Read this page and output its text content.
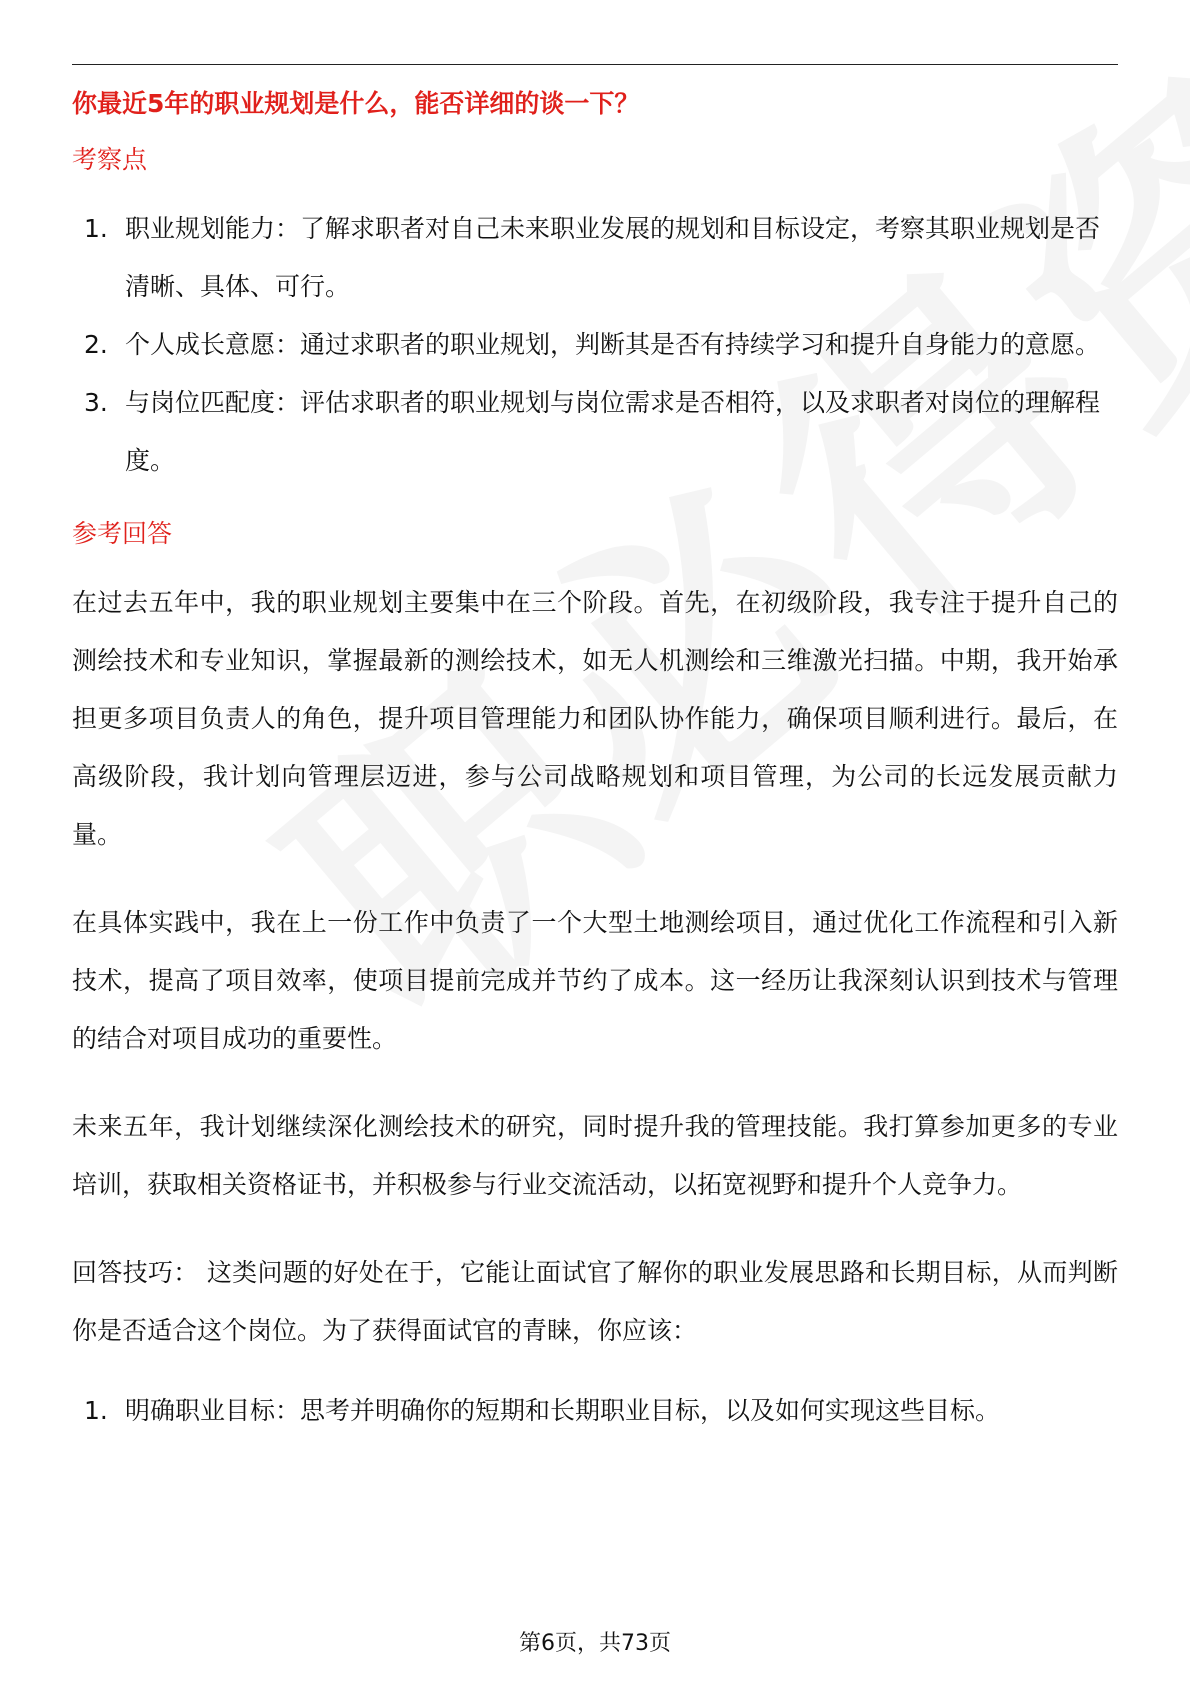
你最近5年的职业规划是什么，能否详细的谈一下？
考察点
1. 职业规划能力：了解求职者对自己未来职业发展的规划和目标设定，考察其职业规划是否清晰、具体、可行。
2. 个人成长意愿：通过求职者的职业规划，判断其是否有持续学习和提升自身能力的意愿。
3. 与岗位匹配度：评估求职者的职业规划与岗位需求是否相符，以及求职者对岗位的理解程度。
参考回答

在过去五年中，我的职业规划主要集中在三个阶段。首先，在初级阶段，我专注于提升自己的测绘技术和专业知识，掌握最新的测绘技术，如无人机测绘和三维激光扫描。中期，我开始承担更多项目负责人的角色，提升项目管理能力和团队协作能力，确保项目顺利进行。最后，在高级阶段，我计划向管理层迈进，参与公司战略规划和项目管理，为公司的长远发展贡献力量。

在具体实践中，我在上一份工作中负责了一个大型土地测绘项目，通过优化工作流程和引入新技术，提高了项目效率，使项目提前完成并节约了成本。这一经历让我深刻认识到技术与管理的结合对项目成功的重要性。

未来五年，我计划继续深化测绘技术的研究，同时提升我的管理技能。我打算参加更多的专业培训，获取相关资格证书，并积极参与行业交流活动，以拓宽视野和提升个人竞争力。

回答技巧： 这类问题的好处在于，它能让面试官了解你的职业发展思路和长期目标，从而判断你是否适合这个岗位。为了获得面试官的青睐，你应该：

1. 明确职业目标：思考并明确你的短期和长期职业目标，以及如何实现这些目标。
第6页，共73页
